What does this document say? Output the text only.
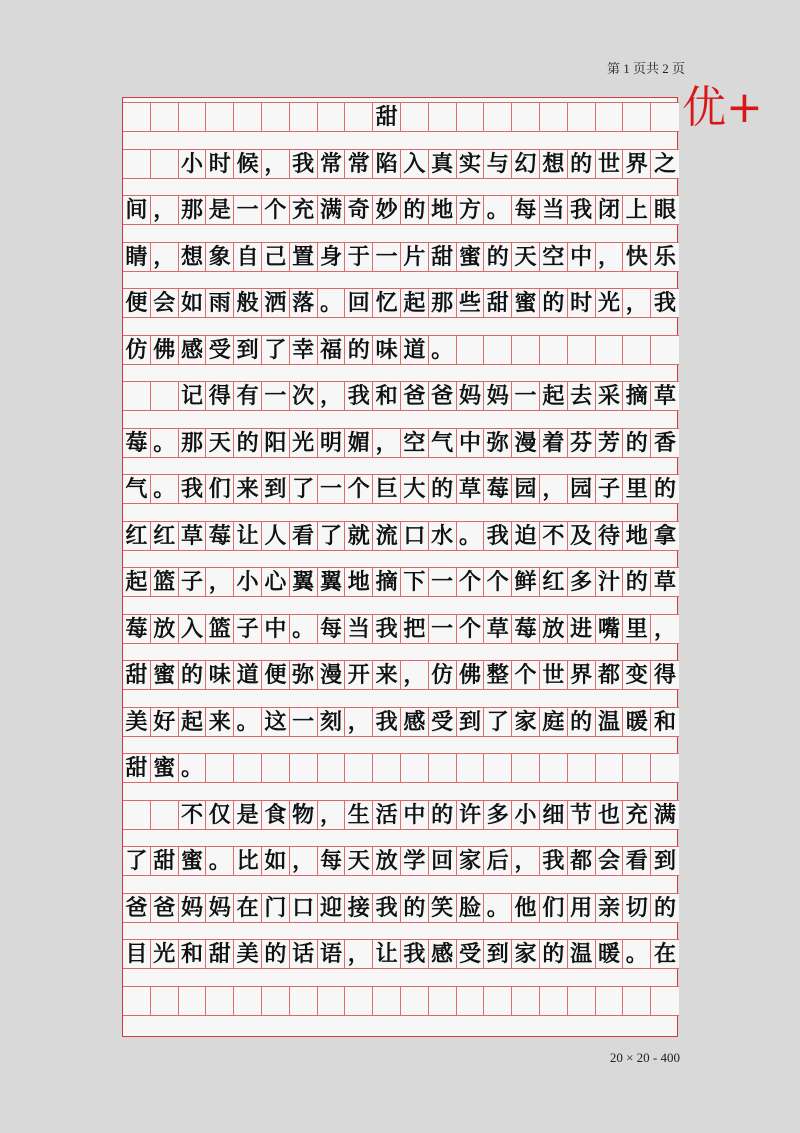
第 1 页共 2 页
优+
甜
小 时 候 ， 我 常 常 陷 入 真 实 与 幻 想 的 世 界 之
间 ， 那 是 一 个 充 满 奇 妙 的 地 方 。 每 当 我 闭 上 眼
睛 ， 想 象 自 己 置 身 于 一 片 甜 蜜 的 天 空 中 ， 快 乐
便 会 如 雨 般 洒 落 。 回 忆 起 那 些 甜 蜜 的 时 光 ， 我
仿 佛 感 受 到 了 幸 福 的 味 道 。
记 得 有 一 次 ， 我 和 爸 爸 妈 妈 一 起 去 采 摘 草
莓 。 那 天 的 阳 光 明 媚 ， 空 气 中 弥 漫 着 芬 芳 的 香
气 。 我 们 来 到 了 一 个 巨 大 的 草 莓 园 ， 园 子 里 的
红 红 草 莓 让 人 看 了 就 流 口 水 。 我 迫 不 及 待 地 拿
起 篮 子 ， 小 心 翼 翼 地 摘 下 一 个 个 鲜 红 多 汁 的 草
莓 放 入 篮 子 中 。 每 当 我 把 一 个 草 莓 放 进 嘴 里 ，
甜 蜜 的 味 道 便 弥 漫 开 来 ， 仿 佛 整 个 世 界 都 变 得
美 好 起 来 。 这 一 刻 ， 我 感 受 到 了 家 庭 的 温 暖 和
甜 蜜 。
不 仅 是 食 物 ， 生 活 中 的 许 多 小 细 节 也 充 满
了 甜 蜜 。 比 如 ， 每 天 放 学 回 家 后 ， 我 都 会 看 到
爸 爸 妈 妈 在 门 口 迎 接 我 的 笑 脸 。 他 们 用 亲 切 的
目 光 和 甜 美 的 话 语 ， 让 我 感 受 到 家 的 温 暖 。 在
20 × 20 - 400
